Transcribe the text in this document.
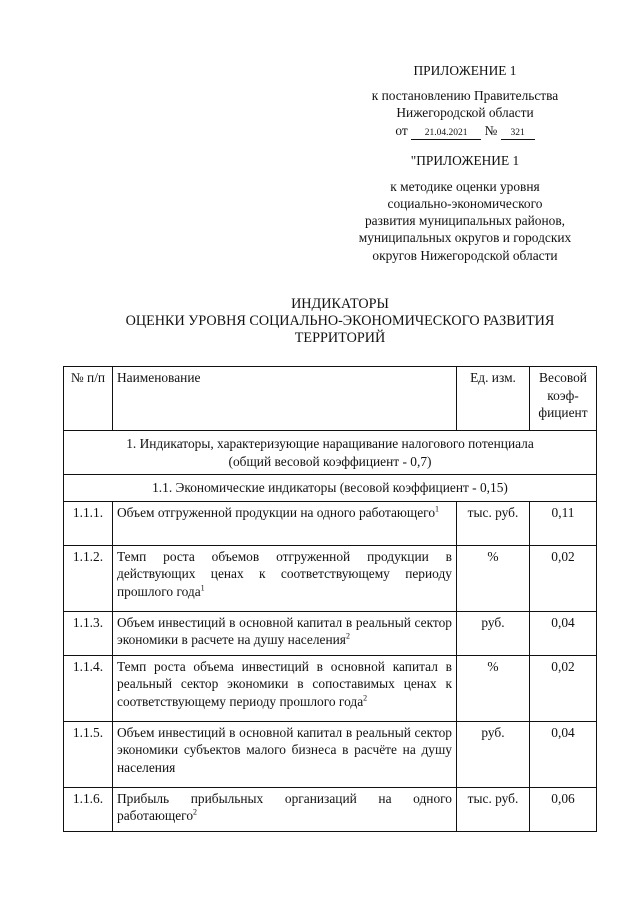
ПРИЛОЖЕНИЕ 1
к постановлению Правительства
Нижегородской области
от 21.04.2021 № 321
"ПРИЛОЖЕНИЕ 1
к методике оценки уровня
социально-экономического
развития муниципальных районов,
муниципальных округов и городских
округов Нижегородской области
ИНДИКАТОРЫ
ОЦЕНКИ УРОВНЯ СОЦИАЛЬНО-ЭКОНОМИЧЕСКОГО РАЗВИТИЯ
ТЕРРИТОРИЙ
№ п/п	Наименование	Ед. изм.	Весовой коэф-фициент
1. Индикаторы, характеризующие наращивание налогового потенциала (общий весовой коэффициент - 0,7)			
1.1. Экономические индикаторы (весовой коэффициент - 0,15)			
1.1.1.	Объем отгруженной продукции на одного работающего$^1$	тыс. руб.	0,11
1.1.2.	Темп роста объемов отгруженной продукции в действующих ценах к соответствующему периоду прошлого года$^1$	%	0,02
1.1.3.	Объем инвестиций в основной капитал в реальный сектор экономики в расчете на душу населения$^2$	руб.	0,04
1.1.4.	Темп роста объема инвестиций в основной капитал в реальный сектор экономики в сопоставимых ценах к соответствующему периоду прошлого года$^2$	%	0,02
1.1.5.	Объем инвестиций в основной капитал в реальный сектор экономики субъектов малого бизнеса в расчёте на душу населения	руб.	0,04
1.1.6.	Прибыль прибыльных организаций на одного работающего$^2$	тыс. руб.	0,06
